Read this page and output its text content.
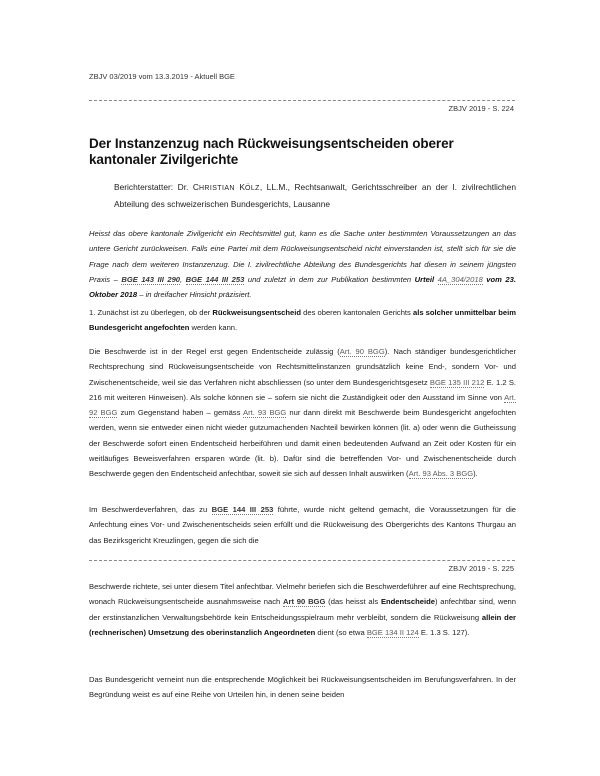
ZBJV 03/2019 vom 13.3.2019 - Aktuell BGE
ZBJV 2019 - S. 224
Der Instanzenzug nach Rückweisungsentscheiden oberer kantonaler Zivilgerichte
Berichterstatter: Dr. CHRISTIAN KÖLZ, LL.M., Rechtsanwalt, Gerichtsschreiber an der I. zivilrechtlichen Abteilung des schweizerischen Bundesgerichts, Lausanne
Heisst das obere kantonale Zivilgericht ein Rechtsmittel gut, kann es die Sache unter bestimmten Voraussetzungen an das untere Gericht zurückweisen. Falls eine Partei mit dem Rückweisungsentscheid nicht einverstanden ist, stellt sich für sie die Frage nach dem weiteren Instanzenzug. Die I. zivilrechtliche Abteilung des Bundesgerichts hat diesen in seinem jüngsten Praxis – BGE 143 III 290, BGE 144 III 253 und zuletzt in dem zur Publikation bestimmten Urteil 4A_304/2018 vom 23. Oktober 2018 – in dreifacher Hinsicht präzisiert.
1. Zunächst ist zu überlegen, ob der Rückweisungsentscheid des oberen kantonalen Gerichts als solcher unmittelbar beim Bundesgericht angefochten werden kann.
Die Beschwerde ist in der Regel erst gegen Endentscheide zulässig (Art. 90 BGG). Nach ständiger bundesgerichtlicher Rechtsprechung sind Rückweisungsentscheide von Rechtsmittelinstanzen grundsätzlich keine End-, sondern Vor- und Zwischenentscheide, weil sie das Verfahren nicht abschliessen (so unter dem Bundesgerichtsgesetz BGE 135 III 212 E. 1.2 S. 216 mit weiteren Hinweisen). Als solche können sie – sofern sie nicht die Zuständigkeit oder den Ausstand im Sinne von Art. 92 BGG zum Gegenstand haben – gemäss Art. 93 BGG nur dann direkt mit Beschwerde beim Bundesgericht angefochten werden, wenn sie entweder einen nicht wieder gutzumachenden Nachteil bewirken können (lit. a) oder wenn die Gutheissung der Beschwerde sofort einen Endentscheid herbeiführen und damit einen bedeutenden Aufwand an Zeit oder Kosten für ein weitläufiges Beweisverfahren ersparen würde (lit. b). Dafür sind die betreffenden Vor- und Zwischenentscheide durch Beschwerde gegen den Endentscheid anfechtbar, soweit sie sich auf dessen Inhalt auswirken (Art. 93 Abs. 3 BGG).
Im Beschwerdeverfahren, das zu BGE 144 III 253 führte, wurde nicht geltend gemacht, die Voraussetzungen für die Anfechtung eines Vor- und Zwischenentscheids seien erfüllt und die Rückweisung des Obergerichts des Kantons Thurgau an das Bezirksgericht Kreuzlingen, gegen die sich die
ZBJV 2019 - S. 225
Beschwerde richtete, sei unter diesem Titel anfechtbar. Vielmehr beriefen sich die Beschwerdeführer auf eine Rechtsprechung, wonach Rückweisungsentscheide ausnahmsweise nach Art 90 BGG (das heisst als Endentscheide) anfechtbar sind, wenn der erstinstanzlichen Verwaltungsbehörde kein Entscheidungsspielraum mehr verbleibt, sondern die Rückweisung allein der (rechnerischen) Umsetzung des oberinstanzlich Angeordneten dient (so etwa BGE 134 II 124 E. 1.3 S. 127).
Das Bundesgericht verneint nun die entsprechende Möglichkeit bei Rückweisungsentscheiden im Berufungsverfahren. In der Begründung weist es auf eine Reihe von Urteilen hin, in denen seine beiden
